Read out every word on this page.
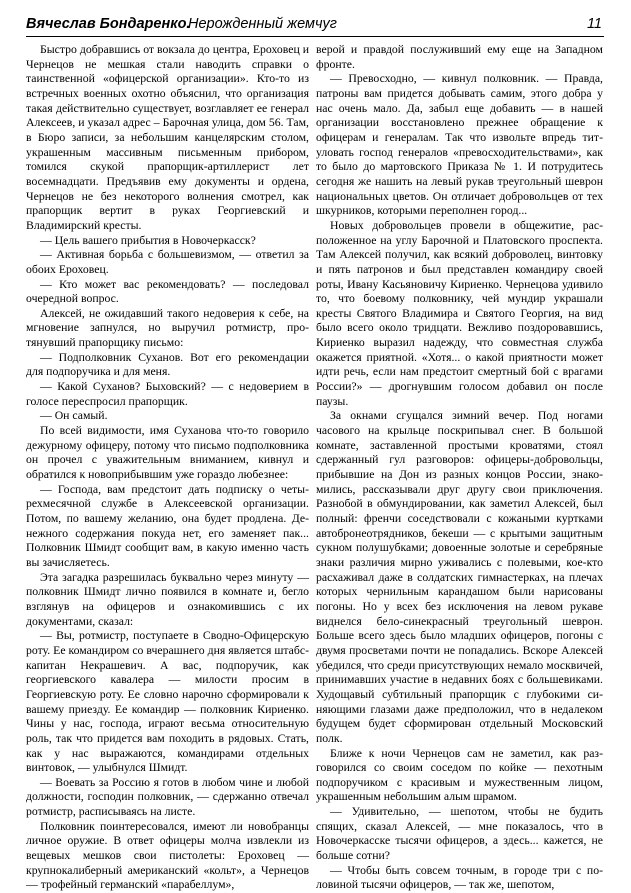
Вячеслав Бондаренко.
Нерожденный жемчуг	11

Быстро добравшись от вокзала до центра, Ероховец и Чернецов не мешкая стали наводить справки о таинственной «офицерской организации». Кто-то из встречных военных охотно объяснил, что организация такая действительно существует, возглавляет ее генерал Алексеев, и указал адрес – Барочная улица, дом 56. Там, в Бюро записи, за небольшим канцелярским столом, украшенным массивным письменным прибором, томился скукой прапорщик-артиллерист лет восемнадцати. Предъявив ему документы и ордена, Чернецов не без некоторого волнения смотрел, как прапорщик вертит в руках Георгиевский и Владимирский кресты.

— Цель вашего прибытия в Новочеркасск?

— Активная борьба с большевизмом, — ответил за обоих Ероховец.

— Кто может вас рекомендовать? — последовал очередной вопрос.

Алексей, не ожидавший такого недоверия к себе, на мгновение запнулся, но выручил ротмистр, протянувший прапорщику письмо:

— Подполковник Суханов. Вот его рекомендации для подпоручика и для меня.

— Какой Суханов? Быховский? — с недоверием в голосе переспросил прапорщик.

— Он самый.

По всей видимости, имя Суханова что-то говорило дежурному офицеру, потому что письмо подполковника он прочел с уважительным вниманием, кивнул и обратился к новоприбывшим уже гораздо любезнее:

— Господа, вам предстоит дать подписку о четырехмесячной службе в Алексеевской организации. Потом, по вашему желанию, она будет продлена. Денежного содержания покуда нет, его заменяет пак... Полковник Шмидт сообщит вам, в какую именно часть вы зачисляетесь.

Эта загадка разрешилась буквально через минуту — полковник Шмидт лично появился в комнате и, бегло взглянув на офицеров и ознакомившись с их документами, сказал:

— Вы, ротмистр, поступаете в Сводно-Офицерскую роту. Ее командиром со вчерашнего дня является штабс-капитан Некрашевич. А вас, подпоручик, как георгиевского кавалера — милости просим в Георгиевскую роту. Ее словно нарочно сформировали к вашему приезду. Ее командир — полковник Кириенко. Чины у нас, господа, играют весьма относительную роль, так что придется вам походить в рядовых. Стать, как у нас выражаются, командирами отдельных винтовок, — улыбнулся Шмидт.

— Воевать за Россию я готов в любом чине и любой должности, господин полковник, — сдержанно отвечал ротмистр, расписываясь на листе.

Полковник поинтересовался, имеют ли новобранцы личное оружие. В ответ офицеры молча извлекли из вещевых мешков свои пистолеты: Ероховец — крупнокалиберный американский «кольт», а Чернецов — трофейный германский «парабеллум»,

верой и правдой послуживший ему еще на Западном фронте.

— Превосходно, — кивнул полковник. — Правда, патроны вам придется добывать самим, этого добра у нас очень мало. Да, забыл еще добавить — в нашей организации восстановлено прежнее обращение к офицерам и генералам. Так что извольте впредь титуловать господ генералов «превосходительствами», как то было до мартовского Приказа № 1. И потрудитесь сегодня же нашить на левый рукав треугольный шеврон национальных цветов. Он отличает добровольцев от тех шкурников, которыми переполнен город...

Новых добровольцев провели в общежитие, расположенное на углу Барочной и Платовского проспекта. Там Алексей получил, как всякий доброволец, винтовку и пять патронов и был представлен командиру своей роты, Ивану Касьяновичу Кириенко. Чернецова удивило то, что боевому полковнику, чей мундир украшали кресты Святого Владимира и Святого Георгия, на вид было всего около тридцати. Вежливо поздоровавшись, Кириенко выразил надежду, что совместная служба окажется приятной. «Хотя... о какой приятности может идти речь, если нам предстоит смертный бой с врагами России?» — дрогнувшим голосом добавил он после паузы.

За окнами сгущался зимний вечер. Под ногами часового на крыльце поскрипывал снег. В большой комнате, заставленной простыми кроватями, стоял сдержанный гул разговоров: офицеры-добровольцы, прибывшие на Дон из разных концов России, знакомились, рассказывали друг другу свои приключения. Разнобой в обмундировании, как заметил Алексей, был полный: френчи соседствовали с кожаными куртками автобронеотрядников, бекеши — с крытыми защитным сукном полушубками; довоенные золотые и серебряные знаки различия мирно уживались с полевыми, кое-кто расхаживал даже в солдатских гимнастерках, на плечах которых чернильным карандашом были нарисованы погоны. Но у всех без исключения на левом рукаве виднелся бело-синекрасный треугольный шеврон. Больше всего здесь было младших офицеров, погоны с двумя просветами почти не попадались. Вскоре Алексей убедился, что среди присутствующих немало москвичей, принимавших участие в недавних боях с большевиками. Худощавый субтильный прапорщик с глубокими синяющими глазами даже предположил, что в недалеком будущем будет сформирован отдельный Московский полк.

Ближе к ночи Чернецов сам не заметил, как разговорился со своим соседом по койке — пехотным подпоручиком с красивым и мужественным лицом, украшенным небольшим алым шрамом.

— Удивительно, — шепотом, чтобы не будить спящих, сказал Алексей, — мне показалось, что в Новочеркасске тысячи офицеров, а здесь... кажется, не больше сотни?

— Чтобы быть совсем точным, в городе три с половиной тысячи офицеров, — так же, шепотом,
